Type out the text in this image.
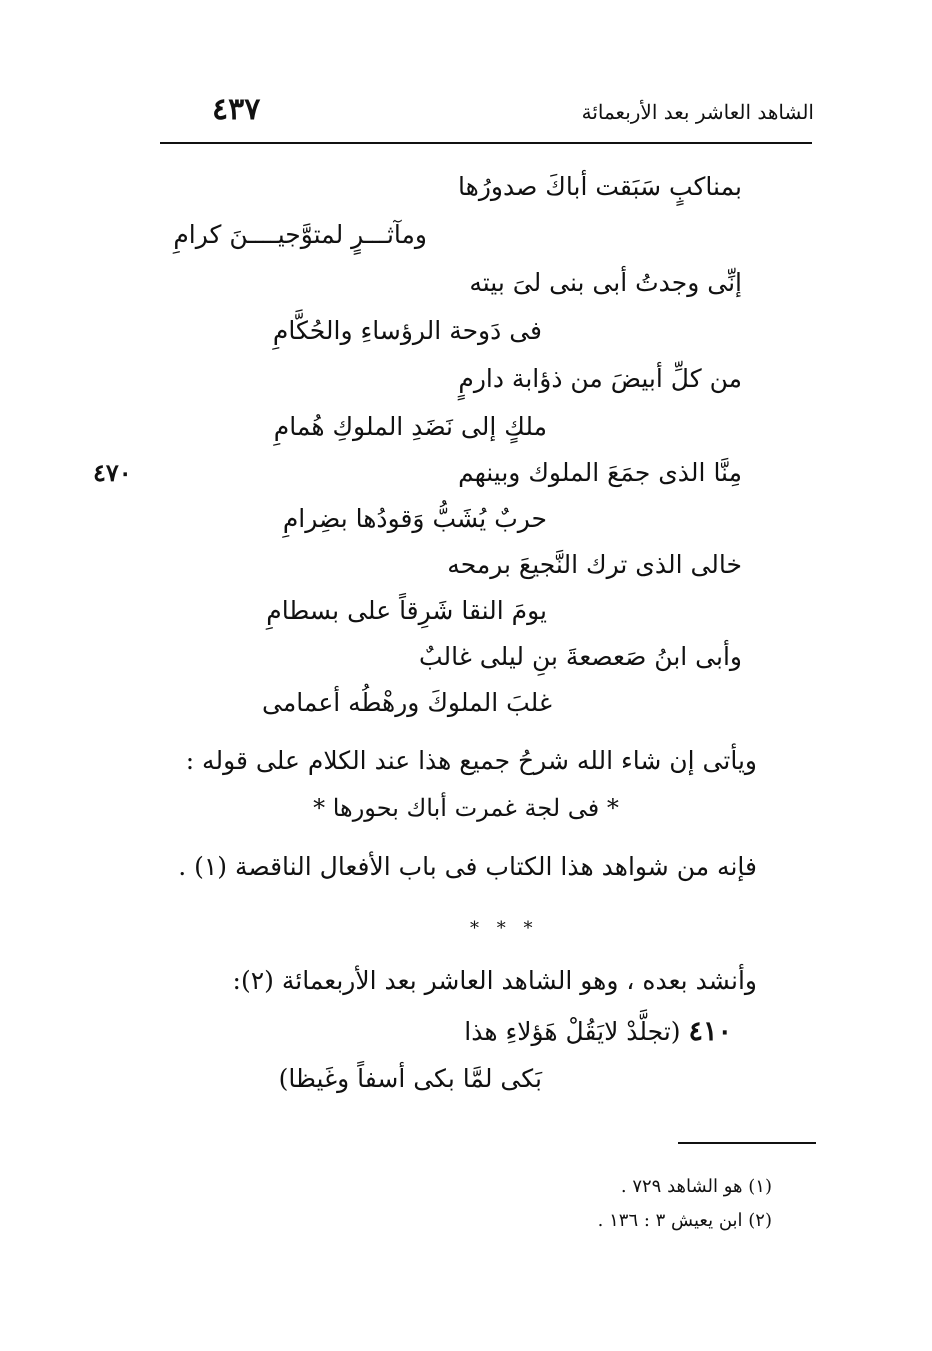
الشاهد العاشر بعد الأربعمائة
٤٣٧
٤٧٠
بمناكبٍ سَبَقت أباكَ صدورُها
ومآثـــرٍ لمتوَّجيــــنَ كرامِ
إنِّى وجدتُ أبى بنى لىَ بيته
فى دَوحة الرؤساءِ والحُكَّامِ
من كلِّ أبيضَ من ذؤابة دارمٍ
ملكٍ إلى نَضَدِ الملوكِ هُمامِ
مِنَّا الذى جمَعَ الملوك وبينهم
حربٌ يُشَبُّ وَقودُها بضِرامِ
خالى الذى ترك النَّجيعَ برمحه
يومَ النقا شَرِقاً على بسطامِ
وأبى ابنُ صَعصعةَ بنِ ليلى غالبٌ
غلبَ الملوكَ ورهْطُه أعمامى
ويأتى إن شاء الله شرحُ جميع هذا عند الكلام على قوله :
* فى لجة غمرت أباك بحورها *
فإنه من شواهد هذا الكتاب فى باب الأفعال الناقصة (١) .
* * *
وأنشد بعده ، وهو الشاهد العاشر بعد الأربعمائة (٢):
٤١٠ (تجلَّدْ لايَقُلْ هَؤلاءِ هذا
بَكى لمَّا بكى أسفاً وغَيظا)
(١) هو الشاهد ٧٢٩ .
(٢) ابن يعيش ٣ : ١٣٦ .
